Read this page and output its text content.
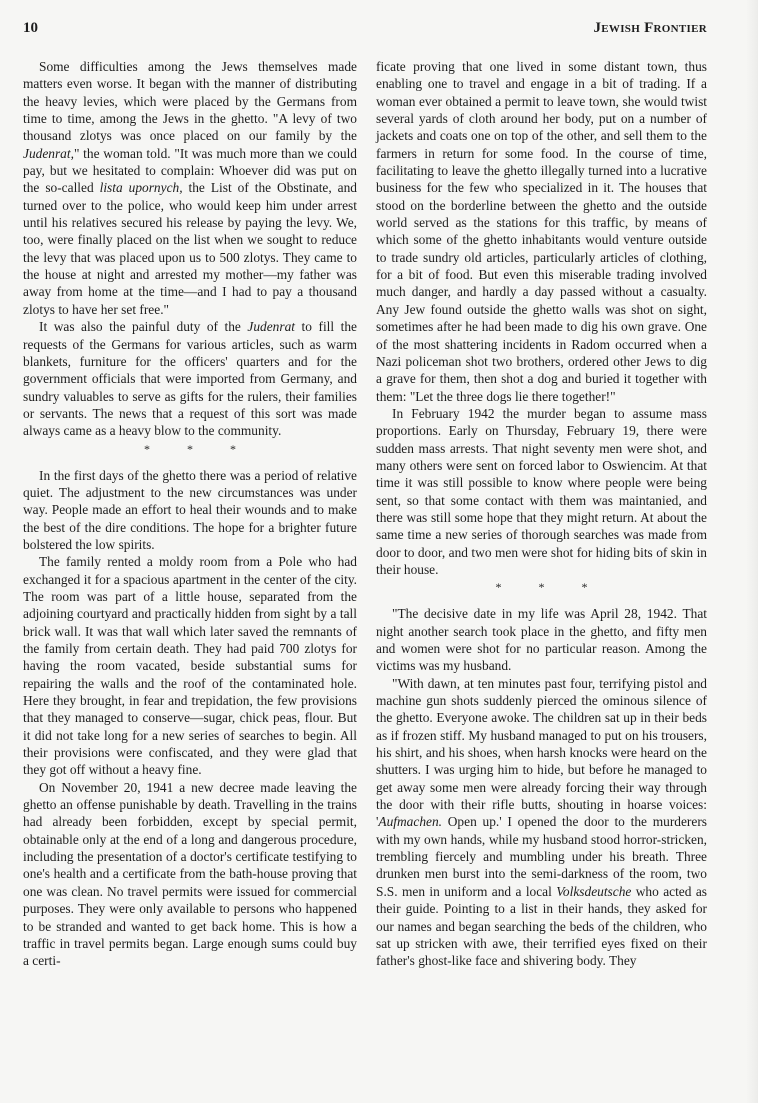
10	Jewish Frontier

Some difficulties among the Jews themselves made matters even worse. It began with the manner of distributing the heavy levies, which were placed by the Germans from time to time, among the Jews in the ghetto. "A levy of two thousand zlotys was once placed on our family by the Judenrat," the woman told. "It was much more than we could pay, but we hesitated to complain: Whoever did was put on the so-called lista upornych, the List of the Obstinate, and turned over to the police, who would keep him under arrest until his relatives secured his release by paying the levy. We, too, were finally placed on the list when we sought to reduce the levy that was placed upon us to 500 zlotys. They came to the house at night and arrested my mother—my father was away from home at the time—and I had to pay a thousand zlotys to have her set free."

It was also the painful duty of the Judenrat to fill the requests of the Germans for various articles, such as warm blankets, furniture for the officers' quarters and for the government officials that were imported from Germany, and sundry valuables to serve as gifts for the rulers, their families or servants. The news that a request of this sort was made always came as a heavy blow to the community.

*	*	*

In the first days of the ghetto there was a period of relative quiet. The adjustment to the new circumstances was under way. People made an effort to heal their wounds and to make the best of the dire conditions. The hope for a brighter future bolstered the low spirits.

The family rented a moldy room from a Pole who had exchanged it for a spacious apartment in the center of the city. The room was part of a little house, separated from the adjoining courtyard and practically hidden from sight by a tall brick wall. It was that wall which later saved the remnants of the family from certain death. They had paid 700 zlotys for having the room vacated, beside substantial sums for repairing the walls and the roof of the contaminated hole. Here they brought, in fear and trepidation, the few provisions that they managed to conserve—sugar, chick peas, flour. But it did not take long for a new series of searches to begin. All their provisions were confiscated, and they were glad that they got off without a heavy fine.

On November 20, 1941 a new decree made leaving the ghetto an offense punishable by death. Travelling in the trains had already been forbidden, except by special permit, obtainable only at the end of a long and dangerous procedure, including the presentation of a doctor's certificate testifying to one's health and a certificate from the bath-house proving that one was clean. No travel permits were issued for commercial purposes. They were only available to persons who happened to be stranded and wanted to get back home. This is how a traffic in travel permits began. Large enough sums could buy a certi-

ficate proving that one lived in some distant town, thus enabling one to travel and engage in a bit of trading. If a woman ever obtained a permit to leave town, she would twist several yards of cloth around her body, put on a number of jackets and coats one on top of the other, and sell them to the farmers in return for some food. In the course of time, facilitating to leave the ghetto illegally turned into a lucrative business for the few who specialized in it. The houses that stood on the borderline between the ghetto and the outside world served as the stations for this traffic, by means of which some of the ghetto inhabitants would venture outside to trade sundry old articles, particularly articles of clothing, for a bit of food. But even this miserable trading involved much danger, and hardly a day passed without a casualty. Any Jew found outside the ghetto walls was shot on sight, sometimes after he had been made to dig his own grave. One of the most shattering incidents in Radom occurred when a Nazi policeman shot two brothers, ordered other Jews to dig a grave for them, then shot a dog and buried it together with them: "Let the three dogs lie there together!"

In February 1942 the murder began to assume mass proportions. Early on Thursday, February 19, there were sudden mass arrests. That night seventy men were shot, and many others were sent on forced labor to Oswiencim. At that time it was still possible to know where people were being sent, so that some contact with them was maintanied, and there was still some hope that they might return. At about the same time a new series of thorough searches was made from door to door, and two men were shot for hiding bits of skin in their house.

*	*	*

"The decisive date in my life was April 28, 1942. That night another search took place in the ghetto, and fifty men and women were shot for no particular reason. Among the victims was my husband.

"With dawn, at ten minutes past four, terrifying pistol and machine gun shots suddenly pierced the ominous silence of the ghetto. Everyone awoke. The children sat up in their beds as if frozen stiff. My husband managed to put on his trousers, his shirt, and his shoes, when harsh knocks were heard on the shutters. I was urging him to hide, but before he managed to get away some men were already forcing their way through the door with their rifle butts, shouting in hoarse voices: 'Aufmachen. Open up.' I opened the door to the murderers with my own hands, while my husband stood horror-stricken, trembling fiercely and mumbling under his breath. Three drunken men burst into the semi-darkness of the room, two S.S. men in uniform and a local Volksdeutsche who acted as their guide. Pointing to a list in their hands, they asked for our names and began searching the beds of the children, who sat up stricken with awe, their terrified eyes fixed on their father's ghost-like face and shivering body. They
